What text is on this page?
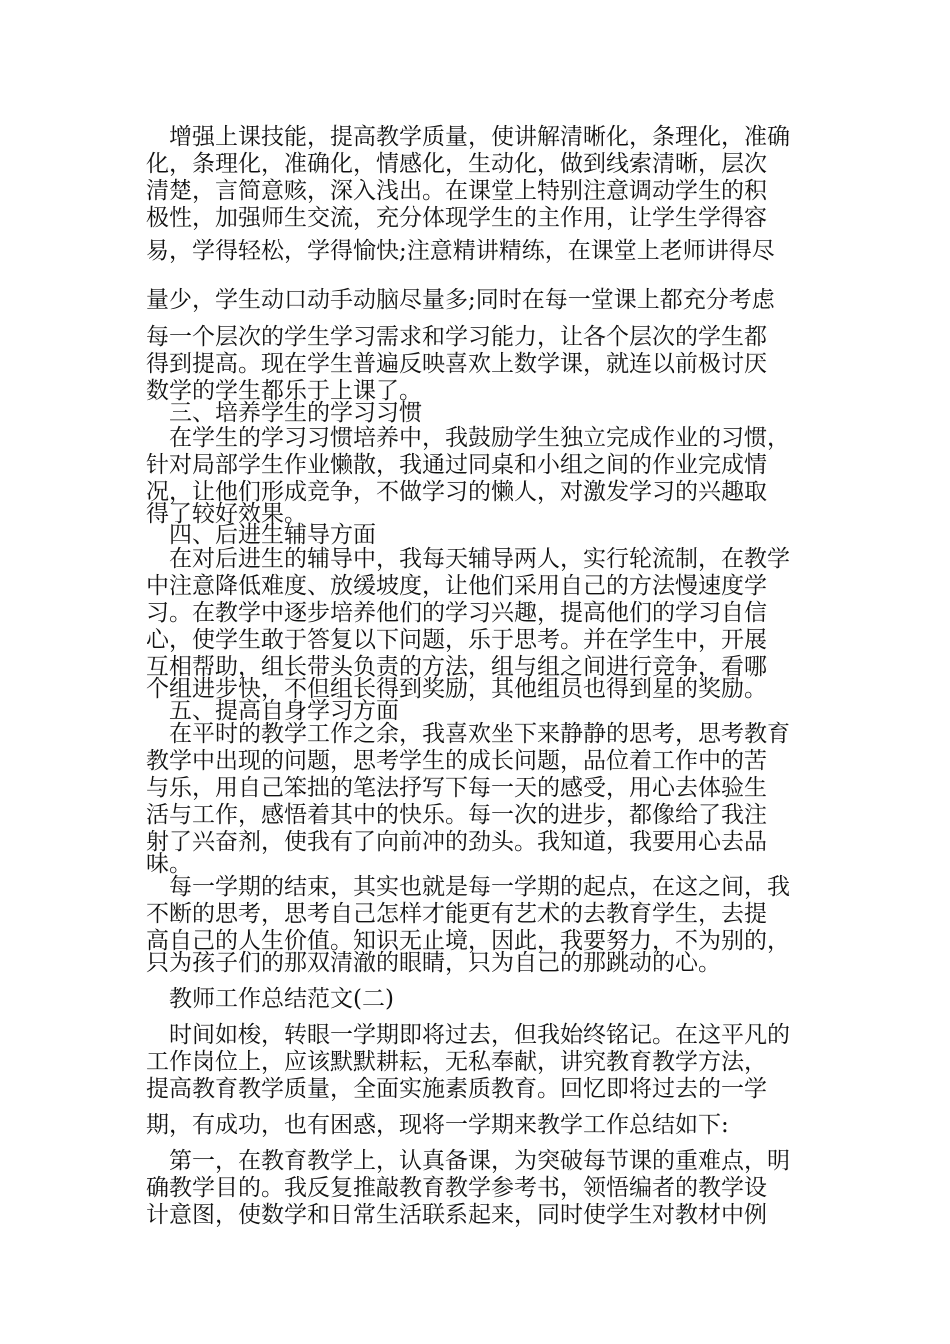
　增强上课技能，提高教学质量，使讲解清晰化，条理化，准确
化，条理化，准确化，情感化，生动化，做到线索清晰，层次
清楚，言简意赅，深入浅出。在课堂上特别注意调动学生的积
极性，加强师生交流，充分体现学生的主作用，让学生学得容
易，学得轻松，学得愉快;注意精讲精练，在课堂上老师讲得尽
量少，学生动口动手动脑尽量多;同时在每一堂课上都充分考虑
每一个层次的学生学习需求和学习能力，让各个层次的学生都
得到提高。现在学生普遍反映喜欢上数学课，就连以前极讨厌
数学的学生都乐于上课了。
　三、培养学生的学习习惯
　在学生的学习习惯培养中，我鼓励学生独立完成作业的习惯，
针对局部学生作业懒散，我通过同桌和小组之间的作业完成情
况，让他们形成竞争，不做学习的懒人，对激发学习的兴趣取
得了较好效果。
　四、后进生辅导方面
　在对后进生的辅导中，我每天辅导两人，实行轮流制，在教学
中注意降低难度、放缓坡度，让他们采用自己的方法慢速度学
习。在教学中逐步培养他们的学习兴趣，提高他们的学习自信
心，使学生敢于答复以下问题，乐于思考。并在学生中，开展
互相帮助，组长带头负责的方法，组与组之间进行竞争，看哪
个组进步快，不但组长得到奖励，其他组员也得到星的奖励。
　五、提高自身学习方面
　在平时的教学工作之余，我喜欢坐下来静静的思考，思考教育
教学中出现的问题，思考学生的成长问题，品位着工作中的苦
与乐，用自己笨拙的笔法抒写下每一天的感受，用心去体验生
活与工作，感悟着其中的快乐。每一次的进步，都像给了我注
射了兴奋剂，使我有了向前冲的劲头。我知道，我要用心去品
味。
　每一学期的结束，其实也就是每一学期的起点，在这之间，我
不断的思考，思考自己怎样才能更有艺术的去教育学生，去提
高自己的人生价值。知识无止境，因此，我要努力，不为别的，
只为孩子们的那双清澈的眼睛，只为自己的那跳动的心。
　教师工作总结范文(二)
　时间如梭，转眼一学期即将过去，但我始终铭记。在这平凡的
工作岗位上，应该默默耕耘，无私奉献，讲究教育教学方法，
提高教育教学质量，全面实施素质教育。回忆即将过去的一学
期，有成功，也有困惑，现将一学期来教学工作总结如下:
　第一，在教育教学上，认真备课，为突破每节课的重难点，明
确教学目的。我反复推敲教育教学参考书，领悟编者的教学设
计意图，使数学和日常生活联系起来，同时使学生对教材中例
